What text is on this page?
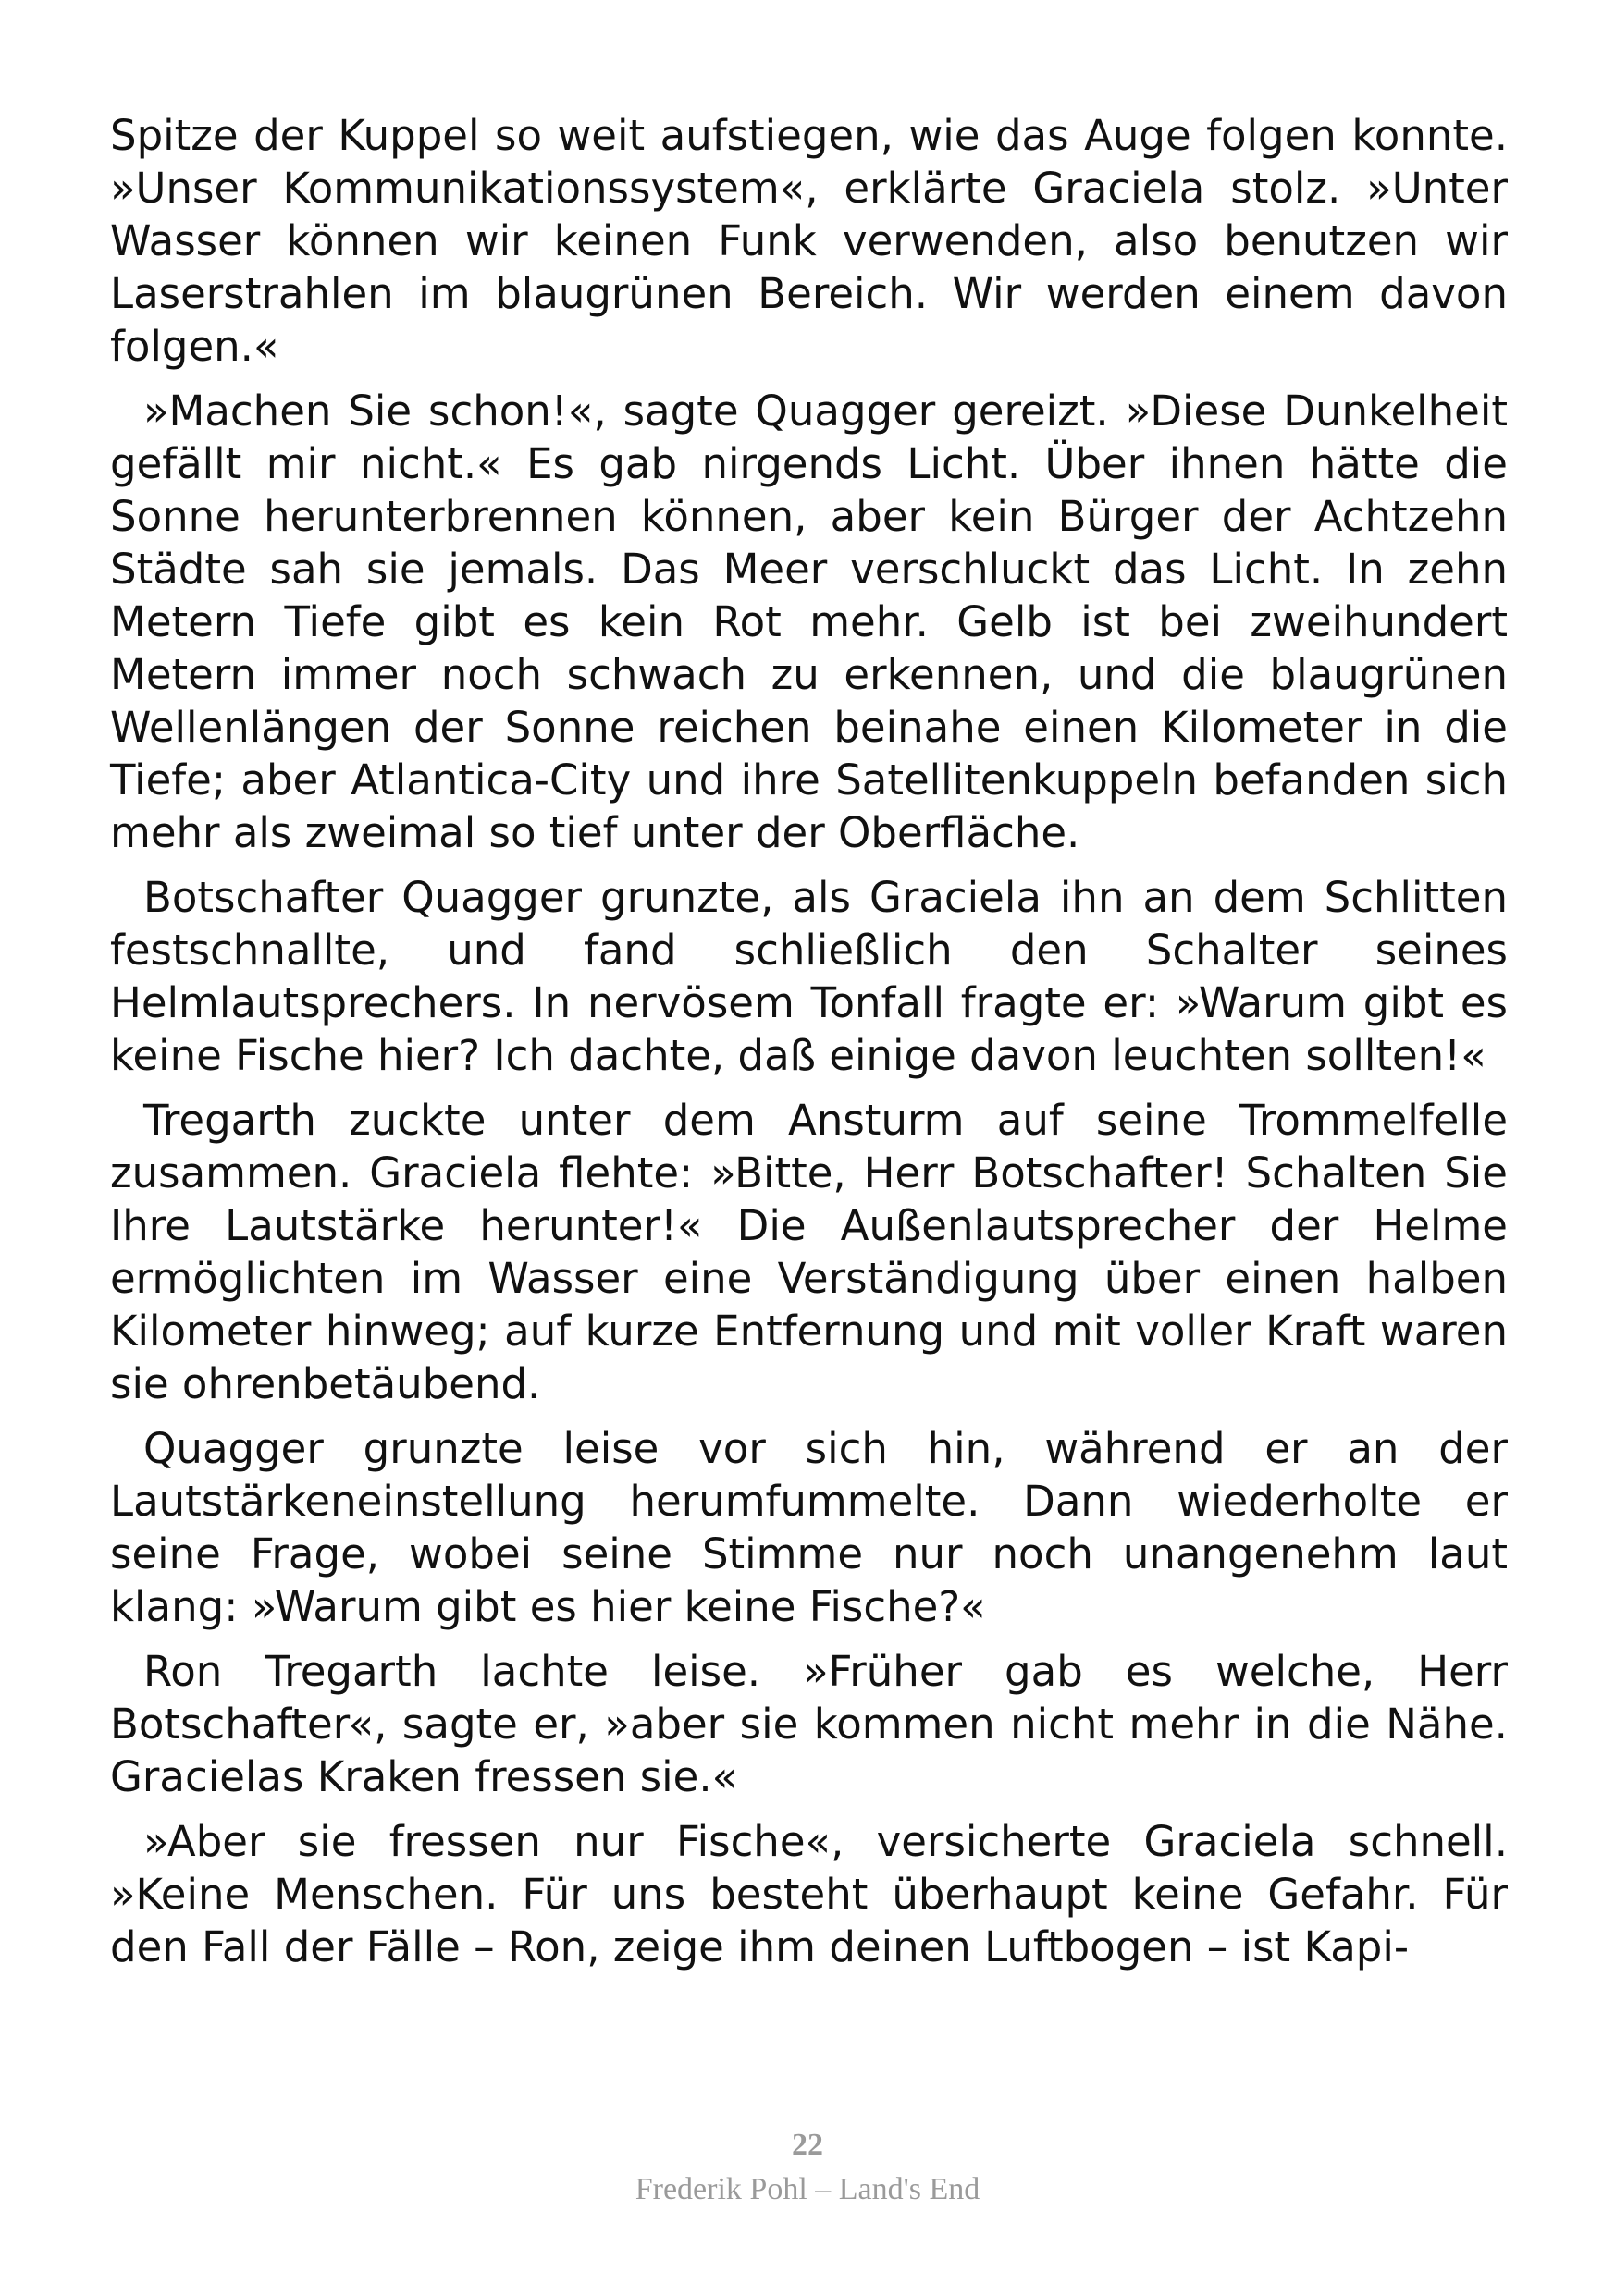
Spitze der Kuppel so weit aufstiegen, wie das Auge folgen konnte. »Unser Kommunikationssystem«, erklärte Graciela stolz. »Unter Wasser können wir keinen Funk verwenden, also benutzen wir Laserstrahlen im blaugrünen Bereich. Wir werden einem davon folgen.«

»Machen Sie schon!«, sagte Quagger gereizt. »Diese Dunkelheit gefällt mir nicht.« Es gab nirgends Licht. Über ihnen hätte die Sonne herunterbrennen können, aber kein Bürger der Achtzehn Städte sah sie jemals. Das Meer verschluckt das Licht. In zehn Metern Tiefe gibt es kein Rot mehr. Gelb ist bei zweihundert Metern immer noch schwach zu erkennen, und die blaugrünen Wellenlängen der Sonne reichen beinahe einen Kilometer in die Tiefe; aber Atlantica-City und ihre Satellitenkuppeln befanden sich mehr als zweimal so tief unter der Oberfläche.

Botschafter Quagger grunzte, als Graciela ihn an dem Schlitten festschnallte, und fand schließlich den Schalter seines Helmlautsprechers. In nervösem Tonfall fragte er: »Warum gibt es keine Fische hier? Ich dachte, daß einige davon leuchten sollten!«

Tregarth zuckte unter dem Ansturm auf seine Trommelfelle zusammen. Graciela flehte: »Bitte, Herr Botschafter! Schalten Sie Ihre Lautstärke herunter!« Die Außenlautsprecher der Helme ermöglichten im Wasser eine Verständigung über einen halben Kilometer hinweg; auf kurze Entfernung und mit voller Kraft waren sie ohrenbetäubend.

Quagger grunzte leise vor sich hin, während er an der Lautstärkeneinstellung herumfummelte. Dann wiederholte er seine Frage, wobei seine Stimme nur noch unangenehm laut klang: »Warum gibt es hier keine Fische?«

Ron Tregarth lachte leise. »Früher gab es welche, Herr Botschafter«, sagte er, »aber sie kommen nicht mehr in die Nähe. Gracielas Kraken fressen sie.«

»Aber sie fressen nur Fische«, versicherte Graciela schnell. »Keine Menschen. Für uns besteht überhaupt keine Gefahr. Für den Fall der Fälle – Ron, zeige ihm deinen Luftbogen – ist Kapi-

22
Frederik Pohl – Land's End
